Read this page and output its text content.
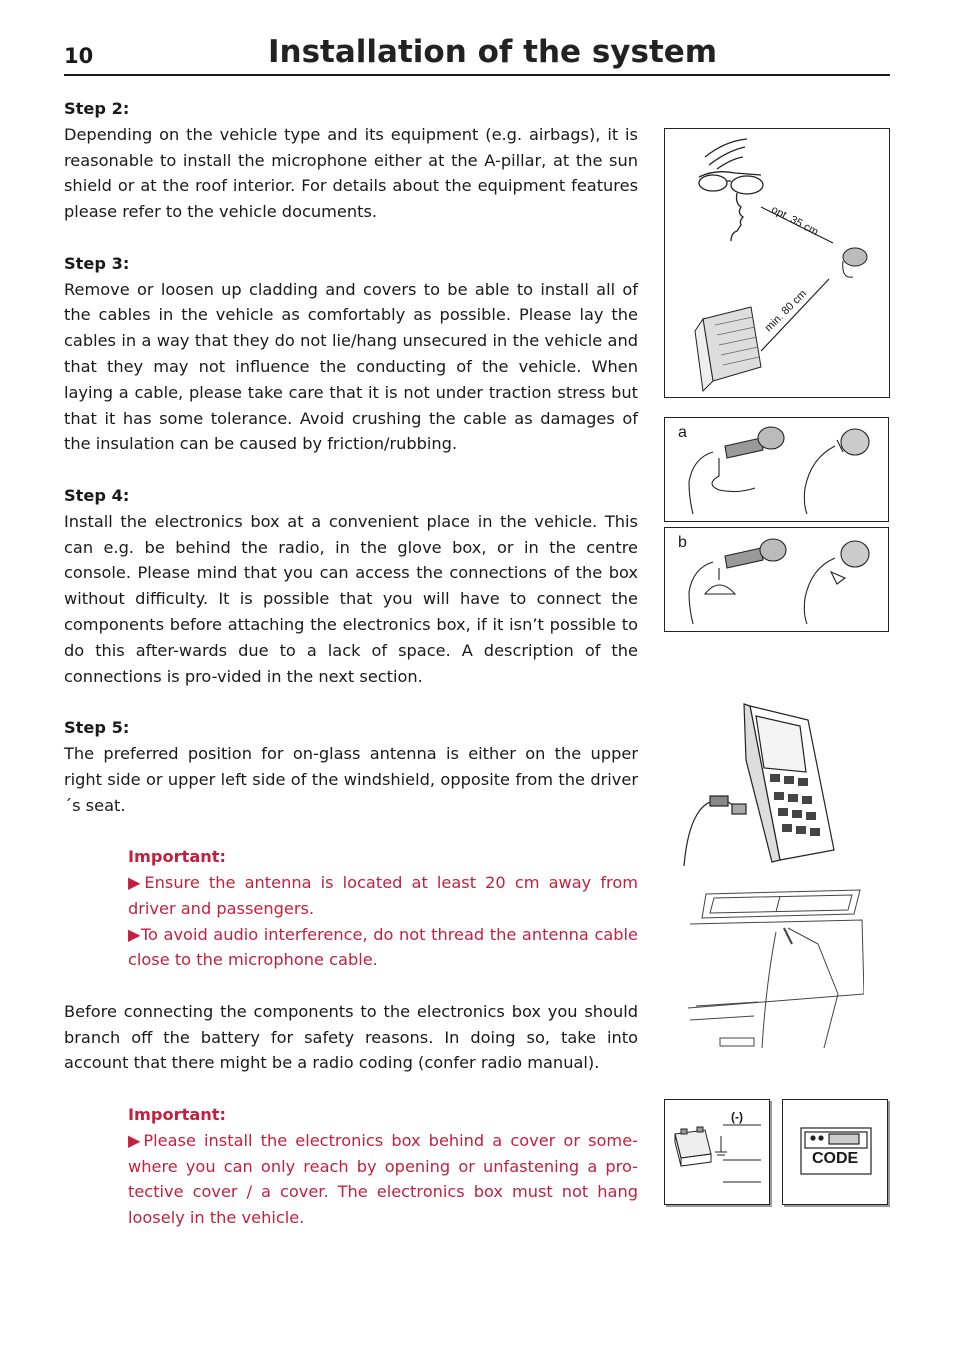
10	Installation of the system

Step 2:

Depending on the vehicle type and its equipment (e.g. airbags), it is reasonable to install the microphone either at the A-pillar, at the sun shield or at the roof interior. For details about the equipment features please refer to the vehicle documents.

Step 3:

Remove or loosen up cladding and covers to be able to install all of the cables in the vehicle as comfortably as possible. Please lay the cables in a way that they do not lie/hang unsecured in the vehicle and that they may not influence the conducting of the vehicle. When laying a cable, please take care that it is not under traction stress but that it has some tolerance. Avoid crushing the cable as damages of the insulation can be caused by friction/rubbing.

Step 4:

Install the electronics box at a convenient place in the vehicle. This can e.g. be behind the radio, in the glove box, or in the centre console. Please mind that you can access the connections of the box without difficulty. It is possible that you will have to connect the components before attaching the electronics box, if it isn’t possible to do this after-wards due to a lack of space. A description of the connections is pro-vided in the next section.

Step 5:

The preferred position for on-glass antenna is either on the upper right side or upper left side of the windshield, opposite from the driver´s seat.

Important:

▶Ensure the antenna is located at least 20 cm away from driver and passengers.

▶To avoid audio interference, do not thread the antenna cable close to the microphone cable.

Before connecting the components to the electronics box you should branch off the battery for safety reasons. In doing so, take into account that there might be a radio coding (confer radio manual).

Important:

▶Please install the electronics box behind a cover or some-where you can only reach by opening or unfastening a pro-tective cover / a cover. The electronics box must not hang loosely in the vehicle.

opt. 35 cm
min. 80 cm
a
b
(-)
CODE
